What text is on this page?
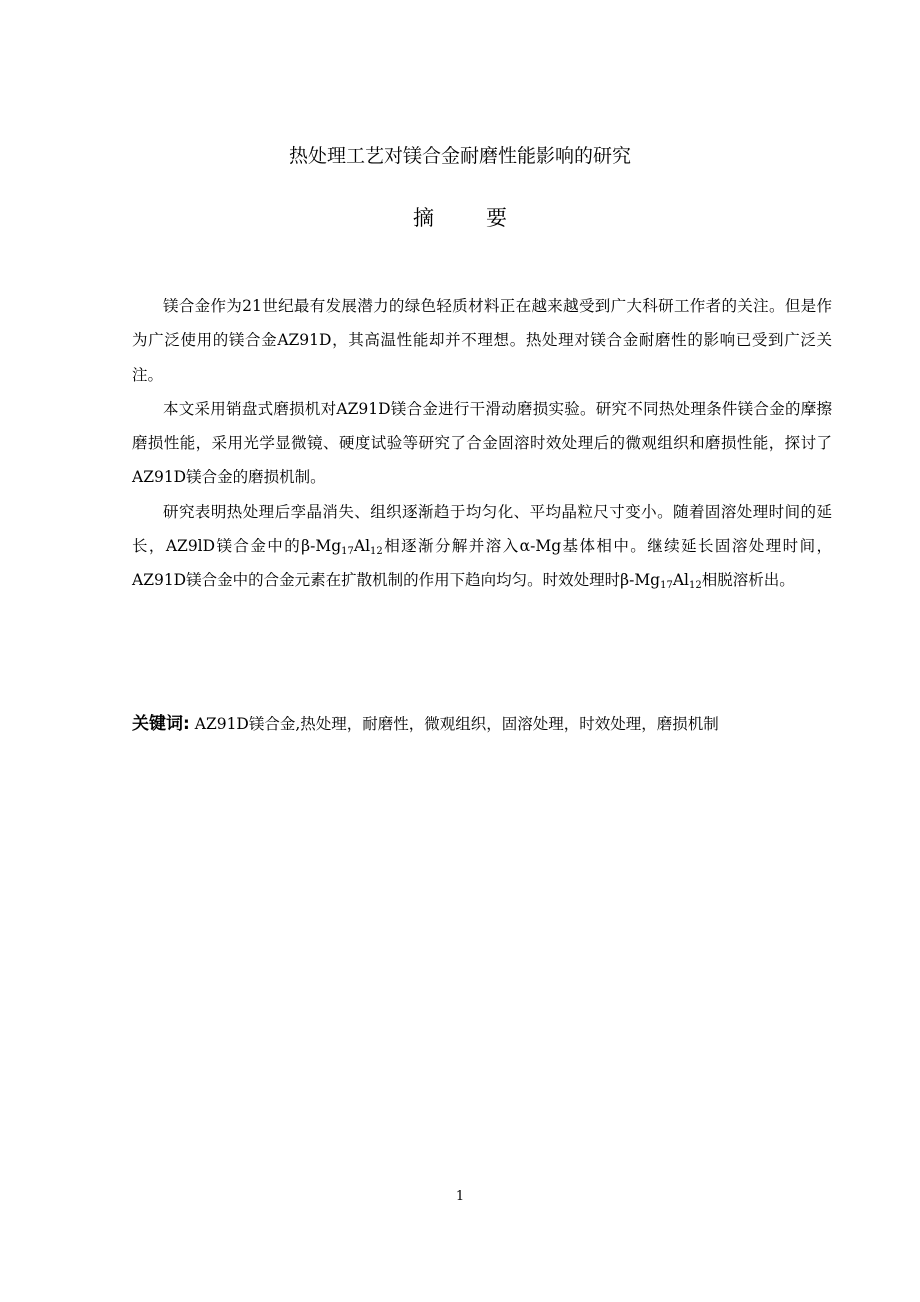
热处理工艺对镁合金耐磨性能影响的研究
摘要

镁合金作为21世纪最有发展潜力的绿色轻质材料正在越来越受到广大科研工作者的关注。但是作为广泛使用的镁合金AZ91D，其高温性能却并不理想。热处理对镁合金耐磨性的影响已受到广泛关注。

本文采用销盘式磨损机对AZ91D镁合金进行干滑动磨损实验。研究不同热处理条件镁合金的摩擦磨损性能，采用光学显微镜、硬度试验等研究了合金固溶时效处理后的微观组织和磨损性能，探讨了AZ91D镁合金的磨损机制。

研究表明热处理后孪晶消失、组织逐渐趋于均匀化、平均晶粒尺寸变小。随着固溶处理时间的延长，AZ9lD镁合金中的$\beta-Mg_{17}Al_{12}$相逐渐分解并溶入α-Mg基体相中。继续延长固溶处理时间，AZ91D镁合金中的合金元素在扩散机制的作用下趋向均匀。时效处理时$\beta-Mg_{17}Al_{12}$相脱溶析出。

关键词: AZ91D镁合金,热处理，耐磨性，微观组织，固溶处理，时效处理，磨损机制
1
